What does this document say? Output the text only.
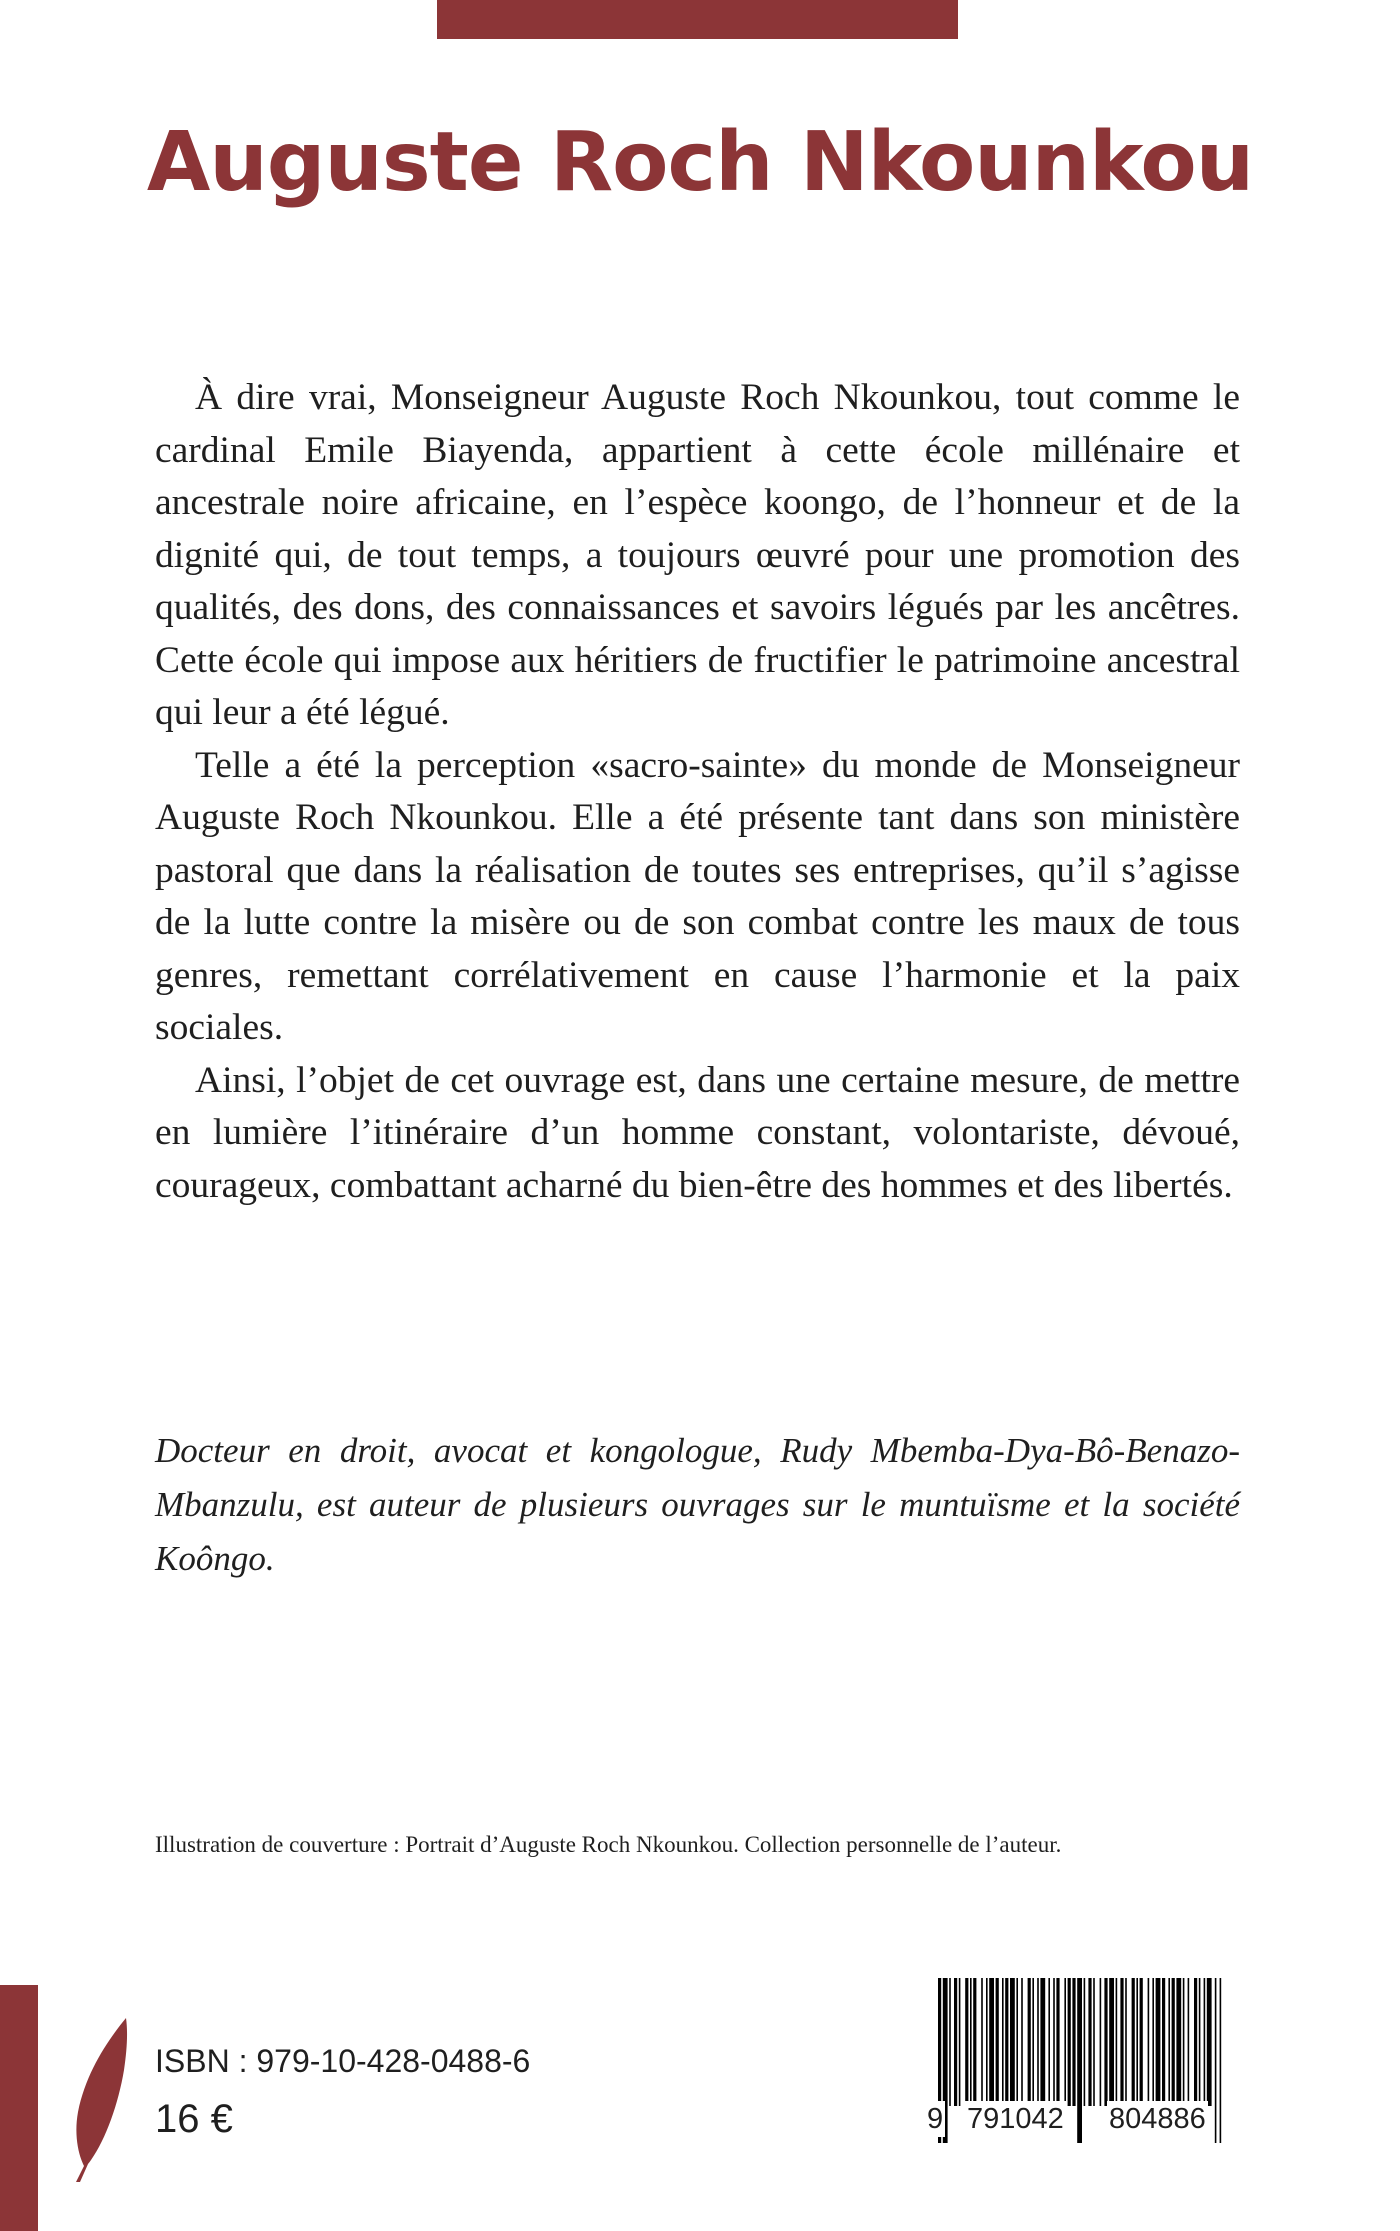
Auguste Roch Nkounkou

À dire vrai, Monseigneur Auguste Roch Nkounkou, tout comme le cardinal Emile Biayenda, appartient à cette école millénaire et ancestrale noire africaine, en l’espèce koongo, de l’honneur et de la dignité qui, de tout temps, a toujours œuvré pour une promotion des qualités, des dons, des connaissances et savoirs légués par les ancêtres. Cette école qui impose aux héritiers de fructifier le patrimoine ancestral qui leur a été légué.

Telle a été la perception «sacro-sainte» du monde de Monseigneur Auguste Roch Nkounkou. Elle a été présente tant dans son ministère pastoral que dans la réalisation de toutes ses entreprises, qu’il s’agisse de la lutte contre la misère ou de son combat contre les maux de tous genres, remettant corrélativement en cause l’harmonie et la paix sociales.

Ainsi, l’objet de cet ouvrage est, dans une certaine mesure, de mettre en lumière l’itinéraire d’un homme constant, volontariste, dévoué, courageux, combattant acharné du bien-être des hommes et des libertés.

Docteur en droit, avocat et kongologue, Rudy Mbemba-Dya-Bô-Benazo-Mbanzulu, est auteur de plusieurs ouvrages sur le muntuïsme et la société Koôngo.

Illustration de couverture : Portrait d’Auguste Roch Nkounkou. Collection personnelle de l’auteur.

ISBN : 979-10-428-0488-6

16 €	9 791042 804886
